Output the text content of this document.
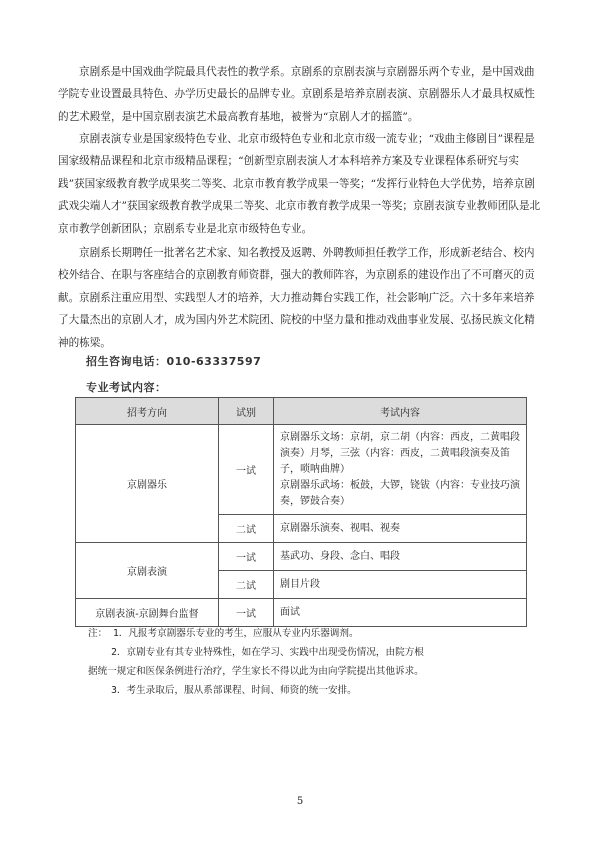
京剧系是中国戏曲学院最具代表性的教学系。京剧系的京剧表演与京剧器乐两个专业，是中国戏曲学院专业设置最具特色、办学历史最长的品牌专业。京剧系是培养京剧表演、京剧器乐人才最具权威性的艺术殿堂，是中国京剧表演艺术最高教育基地，被誉为“京剧人才的摇篮”。

京剧表演专业是国家级特色专业、北京市级特色专业和北京市级一流专业；“戏曲主修剧目”课程是国家级精品课程和北京市级精品课程；“创新型京剧表演人才本科培养方案及专业课程体系研究与实践”获国家级教育教学成果奖二等奖、北京市教育教学成果一等奖；“发挥行业特色大学优势，培养京剧武戏尖端人才”获国家级教育教学成果二等奖、北京市教育教学成果一等奖；京剧表演专业教师团队是北京市教学创新团队；京剧系专业是北京市级特色专业。

京剧系长期聘任一批著名艺术家、知名教授及返聘、外聘教师担任教学工作，形成新老结合、校内校外结合、在职与客座结合的京剧教育师资群，强大的教师阵容，为京剧系的建设作出了不可磨灭的贡献。 京剧系注重应用型、实践型人才的培养，大力推动舞台实践工作，社会影响广泛。六十多年来培养了大量杰出的京剧人才，成为国内外艺术院团、院校的中坚力量和推动戏曲事业发展、弘扬民族文化精神的栋梁。

招生咨询电话：010-63337597
专业考试内容：
招考方向	试别	考试内容
京剧器乐	一试	京剧器乐文场：京胡，京二胡（内容：西皮，二黄唱段演奏）月琴，三弦（内容：西皮，二黄唱段演奏及笛子，唢呐曲牌）
京剧器乐武场：板鼓，大锣，铙钹（内容：专业技巧演奏，锣鼓合奏）

	二试	京剧器乐演奏、视唱、视奏
京剧表演	一试	基武功、身段、念白、唱段
	二试	剧目片段
京剧表演-京剧舞台监督	一试	面试
注： 1．凡报考京剧器乐专业的考生，应服从专业内乐器调剂。
2．京剧专业有其专业特殊性，如在学习、实践中出现受伤情况，由院方根
据统一规定和医保条例进行治疗，学生家长不得以此为由向学院提出其他诉求。
3．考生录取后，服从系部课程、时间、师资的统一安排。
5
